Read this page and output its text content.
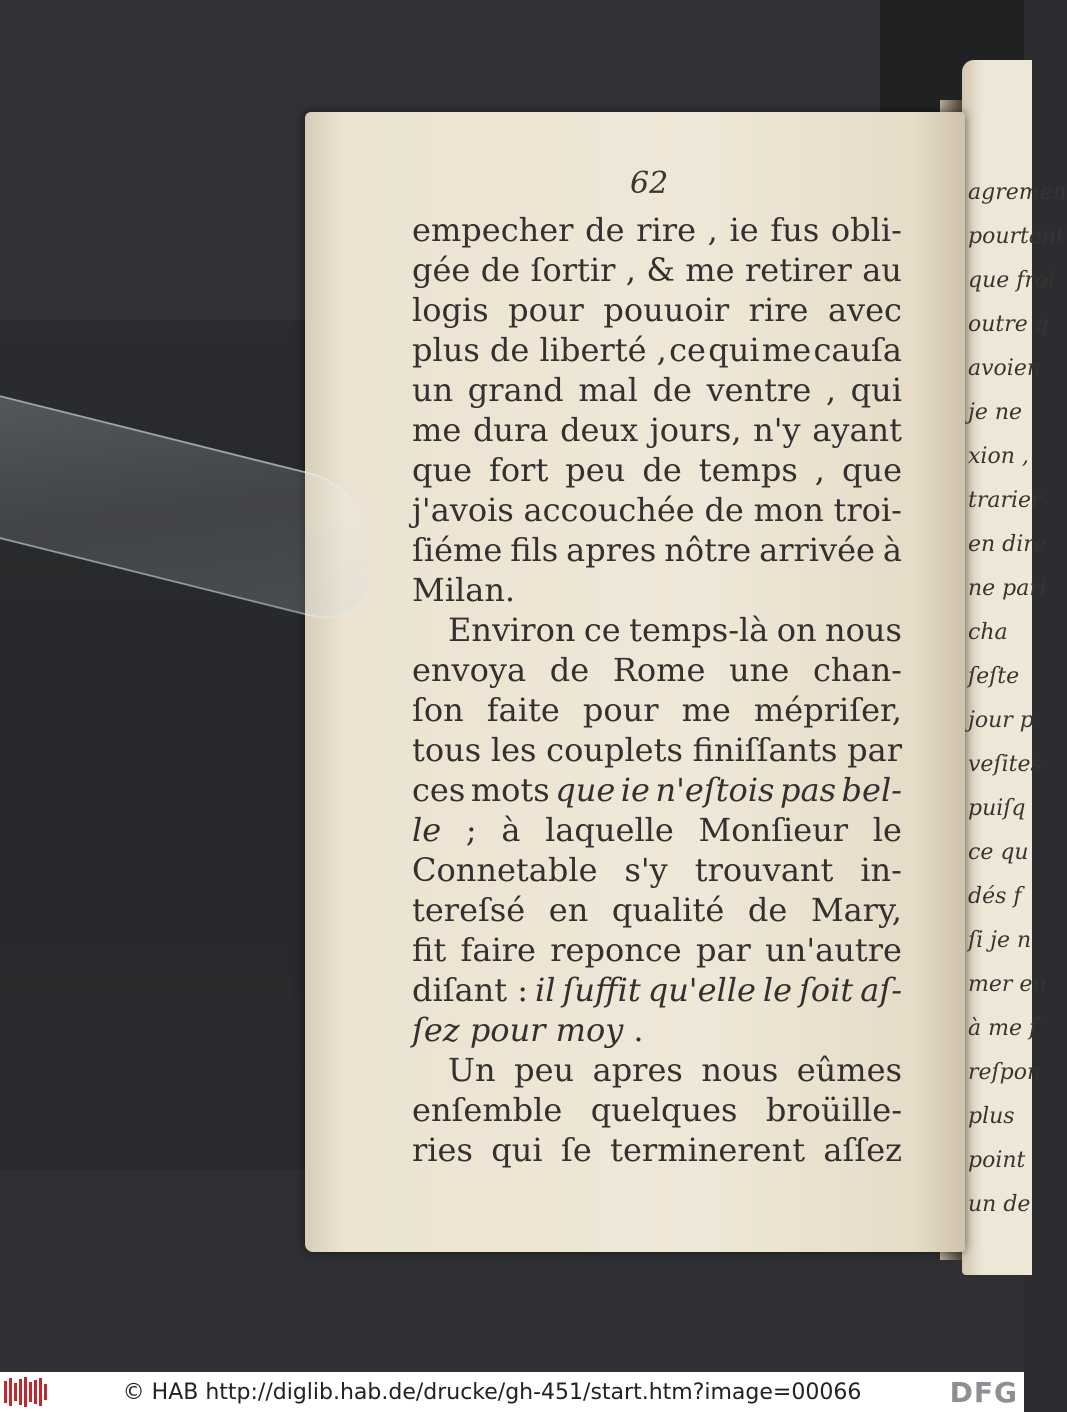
agremen
pourtant
que froi
outre q
avoien
je ne
xion ,
trarier
en dire
ne parl
cha
ſeſte
jour p
veſites
puiſq
ce qu
dés f
ſi je n
mer en
à me f
reſpon
plus
point
un de
62
empecher de rire , ie fus obli-
gée de ſortir , & me retirer au
logis pour pouuoir rire avec
plus de liberté , ce qui me cauſa
un grand mal de ventre , qui
me dura deux jours, n'y ayant
que fort peu de temps , que
j'avois accouchée de mon troi-
ſiéme fils apres nôtre arrivée à
Milan.
Environ ce temps-là on nous
envoya de Rome une chan-
ſon faite pour me mépriſer,
tous les couplets finiſſants par
ces mots que ie n'eſtois pas bel-
le ; à laquelle Monſieur le
Connetable s'y trouvant in-
tereſsé en qualité de Mary,
fit faire reponce par un'autre
diſant : il ſuffit qu'elle le ſoit aſ-
ſez pour moy .
Un peu apres nous eûmes
enſemble quelques broüille-
ries qui ſe terminerent aſſez
© HAB http://diglib.hab.de/drucke/gh-451/start.htm?image=00066	DFG
